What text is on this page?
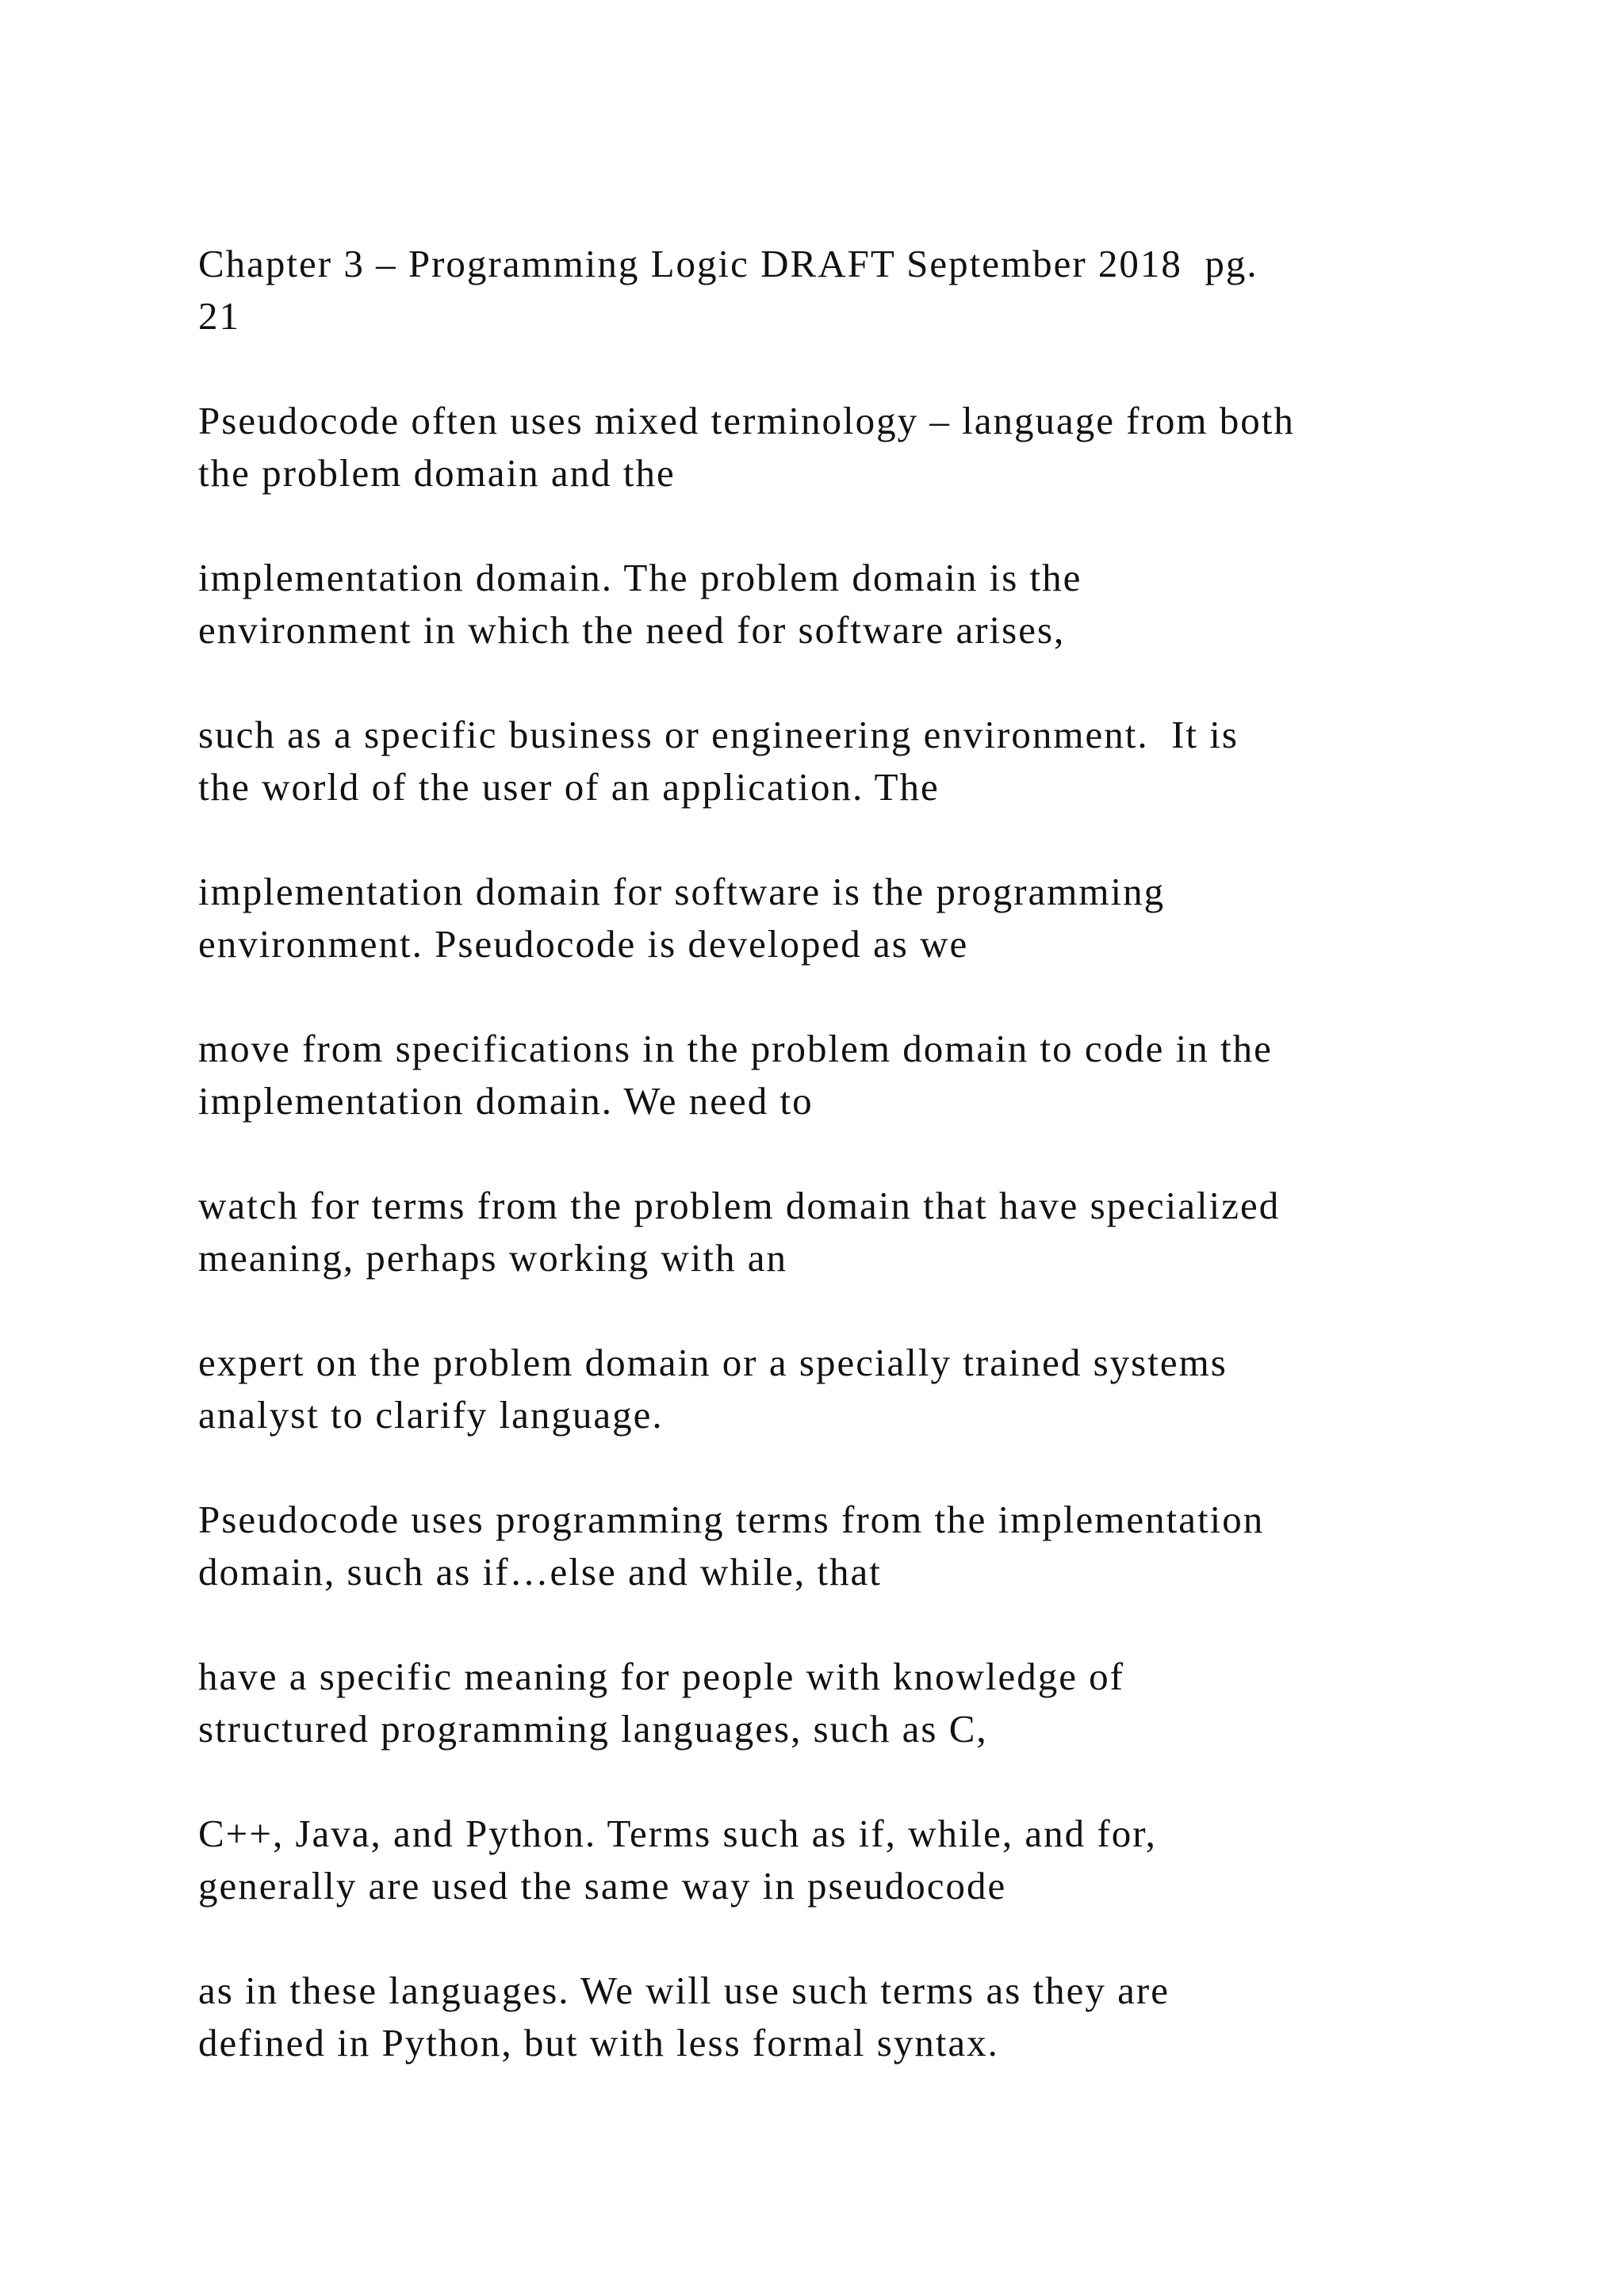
Chapter 3 – Programming Logic DRAFT September 2018  pg.
21

Pseudocode often uses mixed terminology – language from both
the problem domain and the

implementation domain. The problem domain is the
environment in which the need for software arises,

such as a specific business or engineering environment.  It is
the world of the user of an application. The

implementation domain for software is the programming
environment. Pseudocode is developed as we

move from specifications in the problem domain to code in the
implementation domain. We need to

watch for terms from the problem domain that have specialized
meaning, perhaps working with an

expert on the problem domain or a specially trained systems
analyst to clarify language.

Pseudocode uses programming terms from the implementation
domain, such as if…else and while, that

have a specific meaning for people with knowledge of
structured programming languages, such as C,

C++, Java, and Python. Terms such as if, while, and for,
generally are used the same way in pseudocode

as in these languages. We will use such terms as they are
defined in Python, but with less formal syntax.
